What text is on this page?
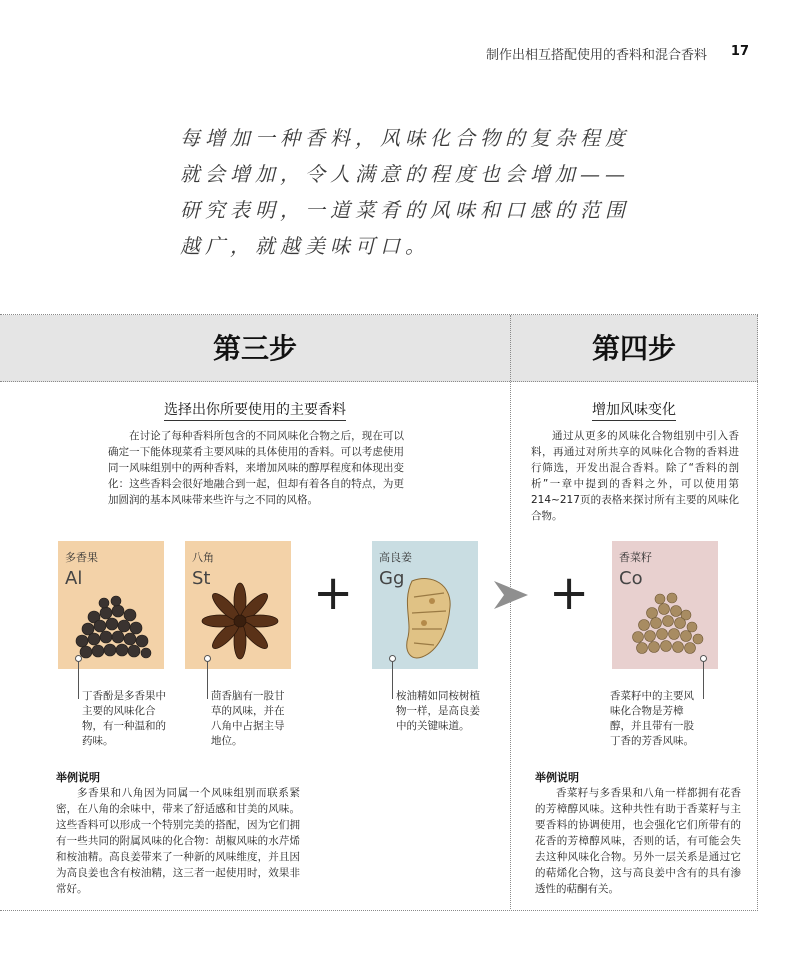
制作出相互搭配使用的香料和混合香料 17
每增加一种香料，风味化合物的复杂程度就会增加，令人满意的程度也会增加——研究表明，一道菜肴的风味和口感的范围越广，就越美味可口。
第三步	第四步
选择出你所要使用的主要香料
在讨论了每种香料所包含的不同风味化合物之后，现在可以确定一下能体现菜肴主要风味的具体使用的香料。可以考虑使用同一风味组别中的两种香料，来增加风味的醇厚程度和体现出变化：这些香料会很好地融合到一起，但却有着各自的特点，为更加圆润的基本风味带来些许与之不同的风格。
多香果
Al
八角
St +
高良姜
Gg
丁香酚是多香果中主要的风味化合物，有一种温和的药味。
茴香脑有一股甘草的风味，并在八角中占据主导地位。
桉油精如同桉树植物一样，是高良姜中的关键味道。
举例说明
多香果和八角因为同属一个风味组别而联系紧密，在八角的余味中，带来了舒适感和甘美的风味。这些香料可以形成一个特别完美的搭配，因为它们拥有一些共同的附属风味的化合物：胡椒风味的水芹烯和桉油精。高良姜带来了一种新的风味维度，并且因为高良姜也含有桉油精，这三者一起使用时，效果非常好。
增加风味变化
通过从更多的风味化合物组别中引入香料，再通过对所共享的风味化合物的香料进行筛选，开发出混合香料。除了“香料的剖析”一章中提到的香料之外，可以使用第214~217页的表格来探讨所有主要的风味化合物。
+
香菜籽
Co
香菜籽中的主要风味化合物是芳樟醇，并且带有一股丁香的芳香风味。
举例说明
香菜籽与多香果和八角一样都拥有花香的芳樟醇风味。这种共性有助于香菜籽与主要香料的协调使用，也会强化它们所带有的花香的芳樟醇风味，否则的话，有可能会失去这种风味化合物。另外一层关系是通过它的萜烯化合物，这与高良姜中含有的具有渗透性的萜酮有关。
